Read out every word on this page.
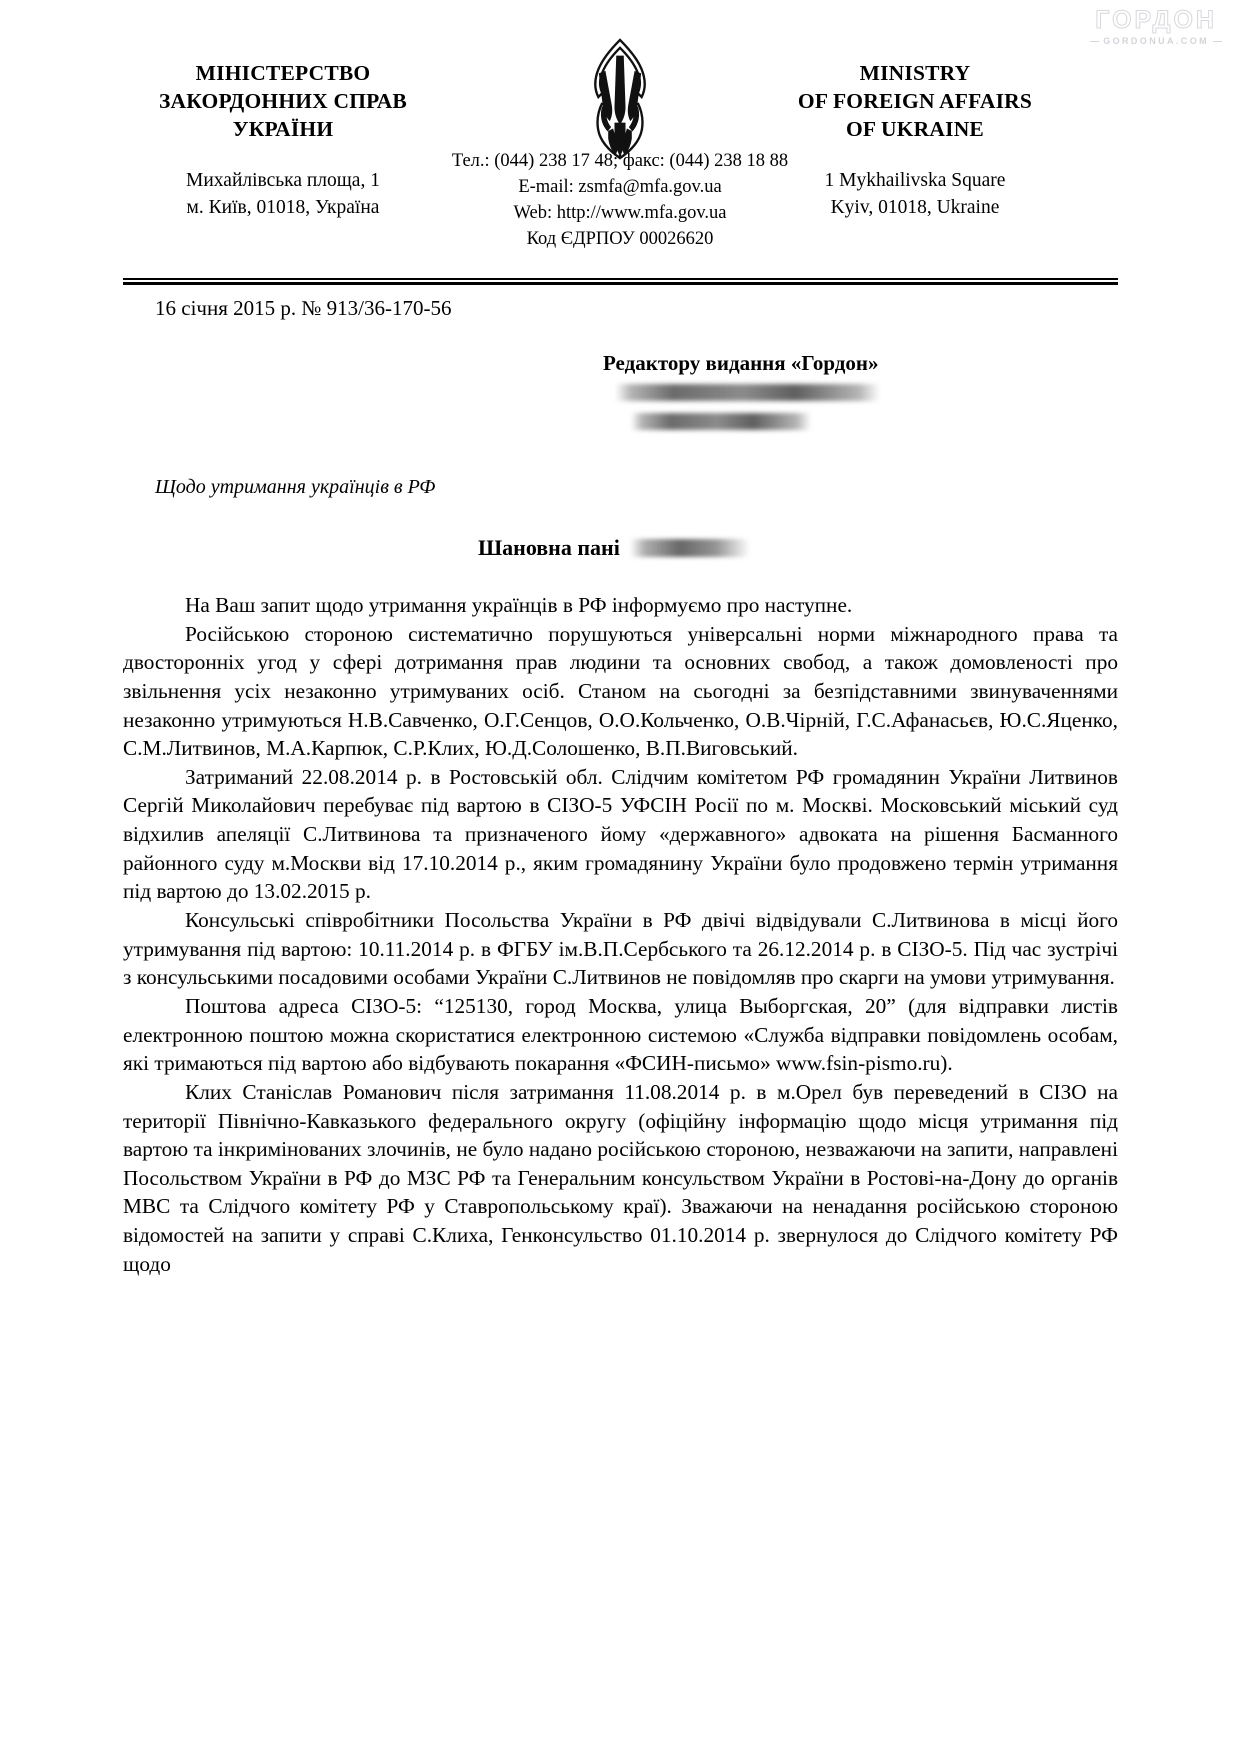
ГОРДОН
— GORDONUA.COM —
МІНІСТЕРСТВО
ЗАКОРДОННИХ СПРАВ
УКРАЇНИ
Михайлівська площа, 1
м. Київ, 01018, Україна
Тел.: (044) 238 17 48; факс: (044) 238 18 88
E-mail: zsmfa@mfa.gov.ua
Web: http://www.mfa.gov.ua
Код ЄДРПОУ 00026620
MINISTRY
OF FOREIGN AFFAIRS
OF UKRAINE
1 Mykhailivska Square
Kyiv, 01018, Ukraine
16 січня 2015 р. № 913/36-170-56
Редактору видання «Гордон»
Щодо утримання українців в РФ
Шановна пані

На Ваш запит щодо утримання українців в РФ інформуємо про наступне.

Російською стороною систематично порушуються універсальні норми міжнародного права та двосторонніх угод у сфері дотримання прав людини та основних свобод, а також домовленості про звільнення усіх незаконно утримуваних осіб. Станом на сьогодні за безпідставними звинуваченнями незаконно утримуються Н.В.Савченко, О.Г.Сенцов, О.О.Кольченко, О.В.Чірній, Г.С.Афанасьєв, Ю.С.Яценко, С.М.Литвинов, М.А.Карпюк, С.Р.Клих, Ю.Д.Солошенко, В.П.Виговський.

Затриманий 22.08.2014 р. в Ростовській обл. Слідчим комітетом РФ громадянин України Литвинов Сергій Миколайович перебуває під вартою в СІЗО-5 УФСІН Росії по м. Москві. Московський міський суд відхилив апеляції С.Литвинова та призначеного йому «державного» адвоката на рішення Басманного районного суду м.Москви від 17.10.2014 р., яким громадянину України було продовжено термін утримання під вартою до 13.02.2015 р.

Консульські співробітники Посольства України в РФ двічі відвідували С.Литвинова в місці його утримування під вартою: 10.11.2014 р. в ФГБУ ім.В.П.Сербського та 26.12.2014 р. в СІЗО-5. Під час зустрічі з консульськими посадовими особами України С.Литвинов не повідомляв про скарги на умови утримування.

Поштова адреса СІЗО-5: “125130, город Москва, улица Выборгская, 20” (для відправки листів електронною поштою можна скористатися електронною системою «Служба відправки повідомлень особам, які тримаються під вартою або відбувають покарання «ФСИН-письмо» www.fsin-pismo.ru).

Клих Станіслав Романович після затримання 11.08.2014 р. в м.Орел був переведений в СІЗО на території Північно-Кавказького федерального округу (офіційну інформацію щодо місця утримання під вартою та інкримінованих злочинів, не було надано російською стороною, незважаючи на запити, направлені Посольством України в РФ до МЗС РФ та Генеральним консульством України в Ростові-на-Дону до органів МВС та Слідчого комітету РФ у Ставропольському краї). Зважаючи на ненадання російською стороною відомостей на запити у справі С.Клиха, Генконсульство 01.10.2014 р. звернулося до Слідчого комітету РФ щодо
